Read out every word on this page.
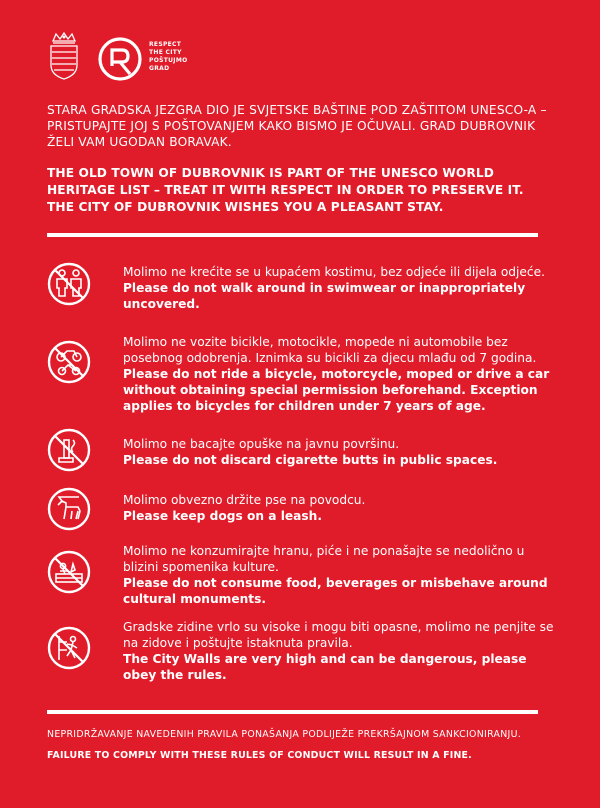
RESPECT
THE CITY
POŠTUJMO
GRAD
STARA GRADSKA JEZGRA DIO JE SVJETSKE BAŠTINE POD ZAŠTITOM UNESCO-A – PRISTUPAJTE JOJ S POŠTOVANJEM KAKO BISMO JE OČUVALI. GRAD DUBROVNIK ŽELI VAM UGODAN BORAVAK.
THE OLD TOWN OF DUBROVNIK IS PART OF THE UNESCO WORLD HERITAGE LIST – TREAT IT WITH RESPECT IN ORDER TO PRESERVE IT. THE CITY OF DUBROVNIK WISHES YOU A PLEASANT STAY.
Molimo ne krećite se u kupaćem kostimu, bez odjeće ili dijela odjeće.
Please do not walk around in swimwear or inappropriately uncovered.
Molimo ne vozite bicikle, motocikle, mopede ni automobile bez posebnog odobrenja. Iznimka su bicikli za djecu mlađu od 7 godina.
Please do not ride a bicycle, motorcycle, moped or drive a car without obtaining special permission beforehand. Exception applies to bicycles for children under 7 years of age.
Molimo ne bacajte opuške na javnu površinu.
Please do not discard cigarette butts in public spaces.
Molimo obvezno držite pse na povodcu.
Please keep dogs on a leash.
Molimo ne konzumirajte hranu, piće i ne ponašajte se nedolično u blizini spomenika kulture.
Please do not consume food, beverages or misbehave around cultural monuments.
Gradske zidine vrlo su visoke i mogu biti opasne, molimo ne penjite se na zidove i poštujte istaknuta pravila.
The City Walls are very high and can be dangerous, please obey the rules.
NEPRIDRŽAVANJE NAVEDENIH PRAVILA PONAŠANJA PODLIJEŽE PREKRŠAJNOM SANKCIONIRANJU.
FAILURE TO COMPLY WITH THESE RULES OF CONDUCT WILL RESULT IN A FINE.
